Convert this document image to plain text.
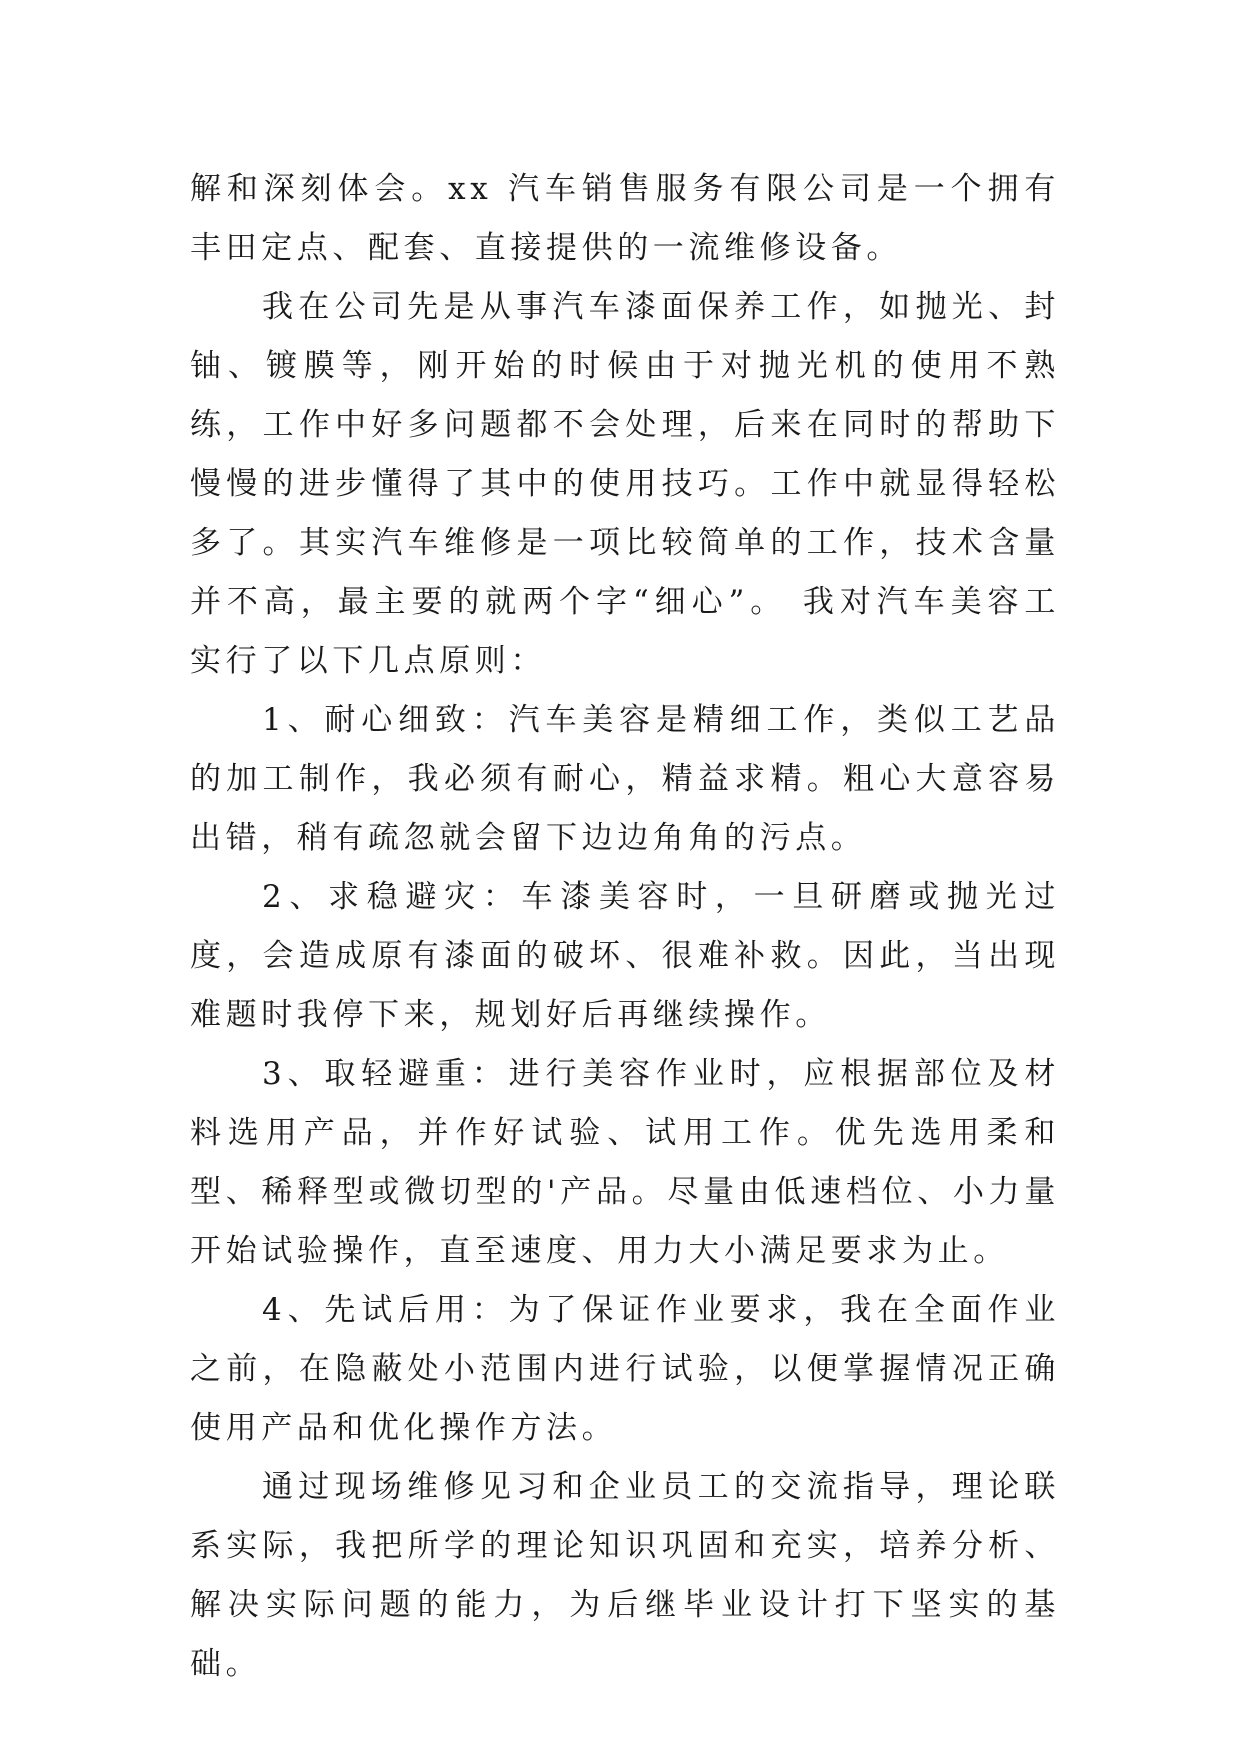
解和深刻体会。xx 汽车销售服务有限公司是一个拥有丰田定点、配套、直接提供的一流维修设备。

我在公司先是从事汽车漆面保养工作，如抛光、封铀、镀膜等，刚开始的时候由于对抛光机的使用不熟练，工作中好多问题都不会处理，后来在同时的帮助下慢慢的进步懂得了其中的使用技巧。工作中就显得轻松多了。其实汽车维修是一项比较简单的工作，技术含量并不高，最主要的就两个字“细心”。 我对汽车美容工实行了以下几点原则：

1、耐心细致：汽车美容是精细工作，类似工艺品的加工制作，我必须有耐心，精益求精。粗心大意容易出错，稍有疏忽就会留下边边角角的污点。

2、求稳避灾：车漆美容时，一旦研磨或抛光过度，会造成原有漆面的破坏、很难补救。因此，当出现难题时我停下来，规划好后再继续操作。

3、取轻避重：进行美容作业时，应根据部位及材料选用产品，并作好试验、试用工作。优先选用柔和型、稀释型或微切型的'产品。尽量由低速档位、小力量开始试验操作，直至速度、用力大小满足要求为止。

4、先试后用：为了保证作业要求，我在全面作业之前，在隐蔽处小范围内进行试验，以便掌握情况正确使用产品和优化操作方法。

通过现场维修见习和企业员工的交流指导，理论联系实际，我把所学的理论知识巩固和充实，培养分析、解决实际问题的能力，为后继毕业设计打下坚实的基础。
